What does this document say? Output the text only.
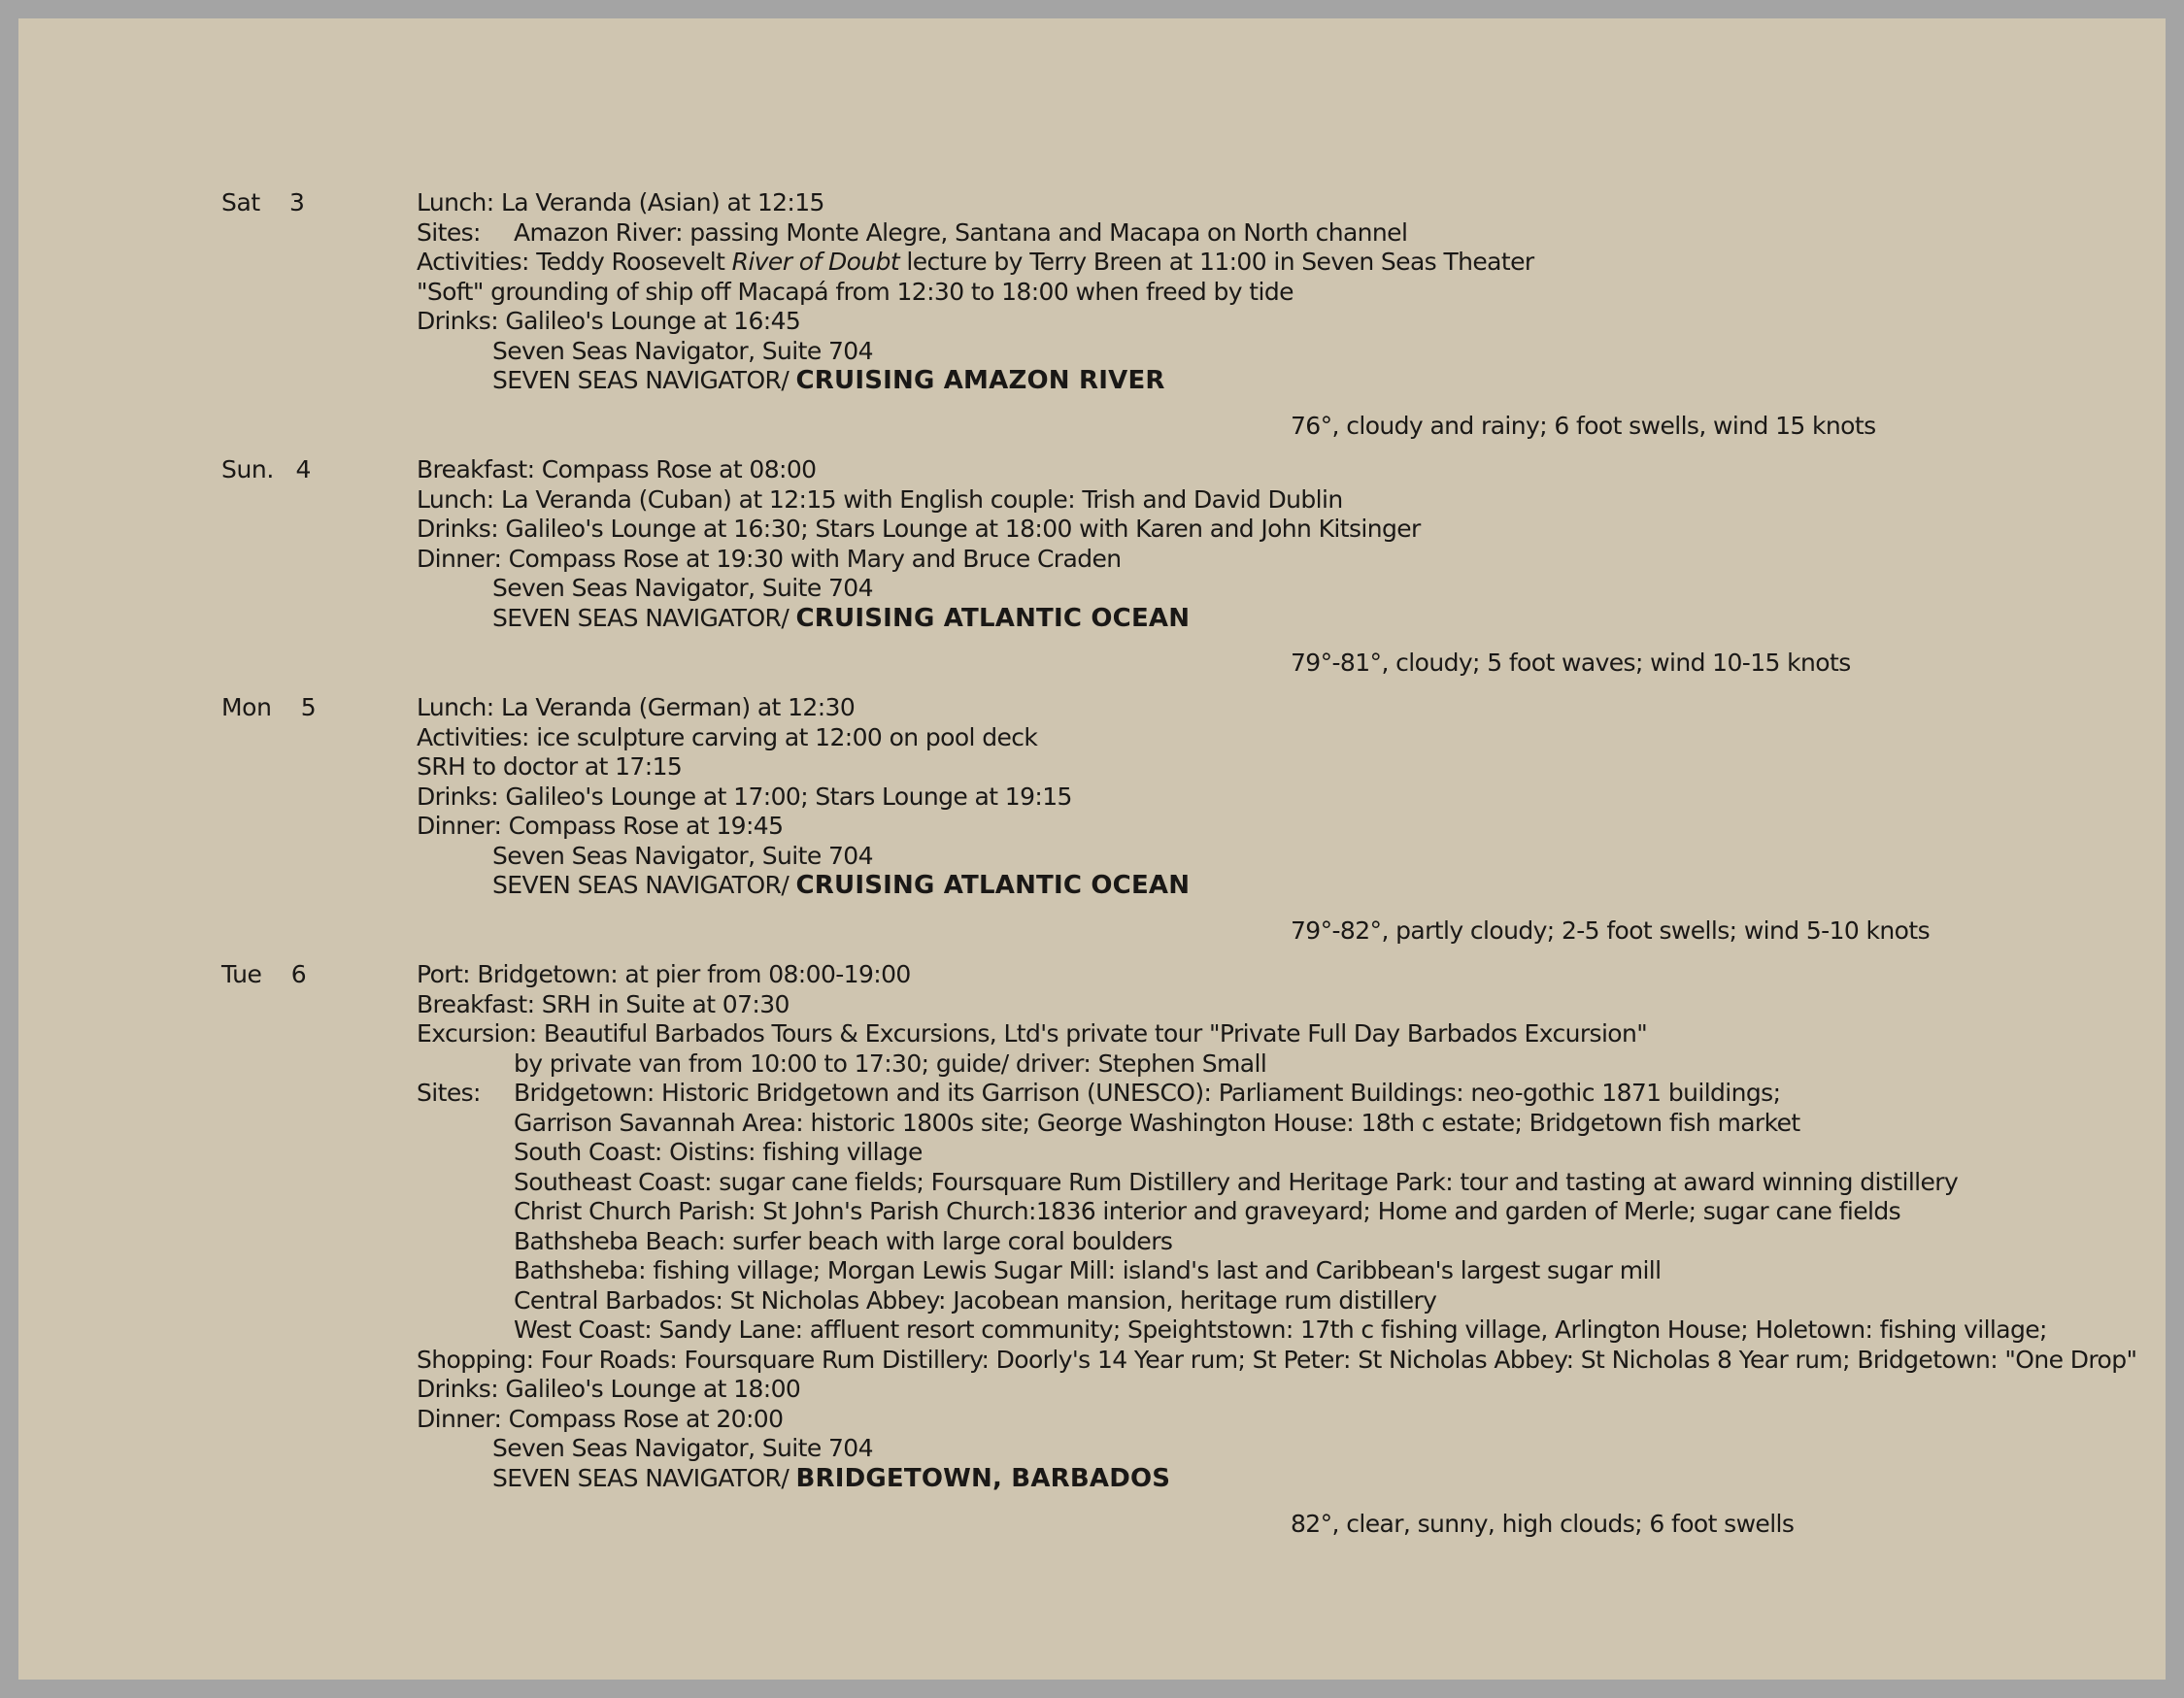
Sat 3	Lunch: La Veranda (Asian) at 12:15
Sites: Amazon River: passing Monte Alegre, Santana and Macapa on North channel
Activities: Teddy Roosevelt River of Doubt lecture by Terry Breen at 11:00 in Seven Seas Theater
"Soft" grounding of ship off Macapá from 12:30 to 18:00 when freed by tide
Drinks: Galileo's Lounge at 16:45
Seven Seas Navigator, Suite 704
SEVEN SEAS NAVIGATOR/ CRUISING AMAZON RIVER
76°, cloudy and rainy; 6 foot swells, wind 15 knots
Sun. 4	Breakfast: Compass Rose at 08:00
Lunch: La Veranda (Cuban) at 12:15 with English couple: Trish and David Dublin
Drinks: Galileo's Lounge at 16:30; Stars Lounge at 18:00 with Karen and John Kitsinger
Dinner: Compass Rose at 19:30 with Mary and Bruce Craden
Seven Seas Navigator, Suite 704
SEVEN SEAS NAVIGATOR/ CRUISING ATLANTIC OCEAN
79°-81°, cloudy; 5 foot waves; wind 10-15 knots
Mon 5	Lunch: La Veranda (German) at 12:30
Activities: ice sculpture carving at 12:00 on pool deck
SRH to doctor at 17:15
Drinks: Galileo's Lounge at 17:00; Stars Lounge at 19:15
Dinner: Compass Rose at 19:45
Seven Seas Navigator, Suite 704
SEVEN SEAS NAVIGATOR/ CRUISING ATLANTIC OCEAN
79°-82°, partly cloudy; 2-5 foot swells; wind 5-10 knots
Tue 6	Port: Bridgetown: at pier from 08:00-19:00
Breakfast: SRH in Suite at 07:30
Excursion: Beautiful Barbados Tours & Excursions, Ltd's private tour "Private Full Day Barbados Excursion"
by private van from 10:00 to 17:30; guide/ driver: Stephen Small
Sites: Bridgetown: Historic Bridgetown and its Garrison (UNESCO): Parliament Buildings: neo-gothic 1871 buildings;
Garrison Savannah Area: historic 1800s site; George Washington House: 18th c estate; Bridgetown fish market
South Coast: Oistins: fishing village
Southeast Coast: sugar cane fields; Foursquare Rum Distillery and Heritage Park: tour and tasting at award winning distillery
Christ Church Parish: St John's Parish Church:1836 interior and graveyard; Home and garden of Merle; sugar cane fields
Bathsheba Beach: surfer beach with large coral boulders
Bathsheba: fishing village; Morgan Lewis Sugar Mill: island's last and Caribbean's largest sugar mill
Central Barbados: St Nicholas Abbey: Jacobean mansion, heritage rum distillery
West Coast: Sandy Lane: affluent resort community; Speightstown: 17th c fishing village, Arlington House; Holetown: fishing village;
Shopping: Four Roads: Foursquare Rum Distillery: Doorly's 14 Year rum; St Peter: St Nicholas Abbey: St Nicholas 8 Year rum; Bridgetown: "One Drop"
Drinks: Galileo's Lounge at 18:00
Dinner: Compass Rose at 20:00
Seven Seas Navigator, Suite 704
SEVEN SEAS NAVIGATOR/ BRIDGETOWN, BARBADOS
82°, clear, sunny, high clouds; 6 foot swells
